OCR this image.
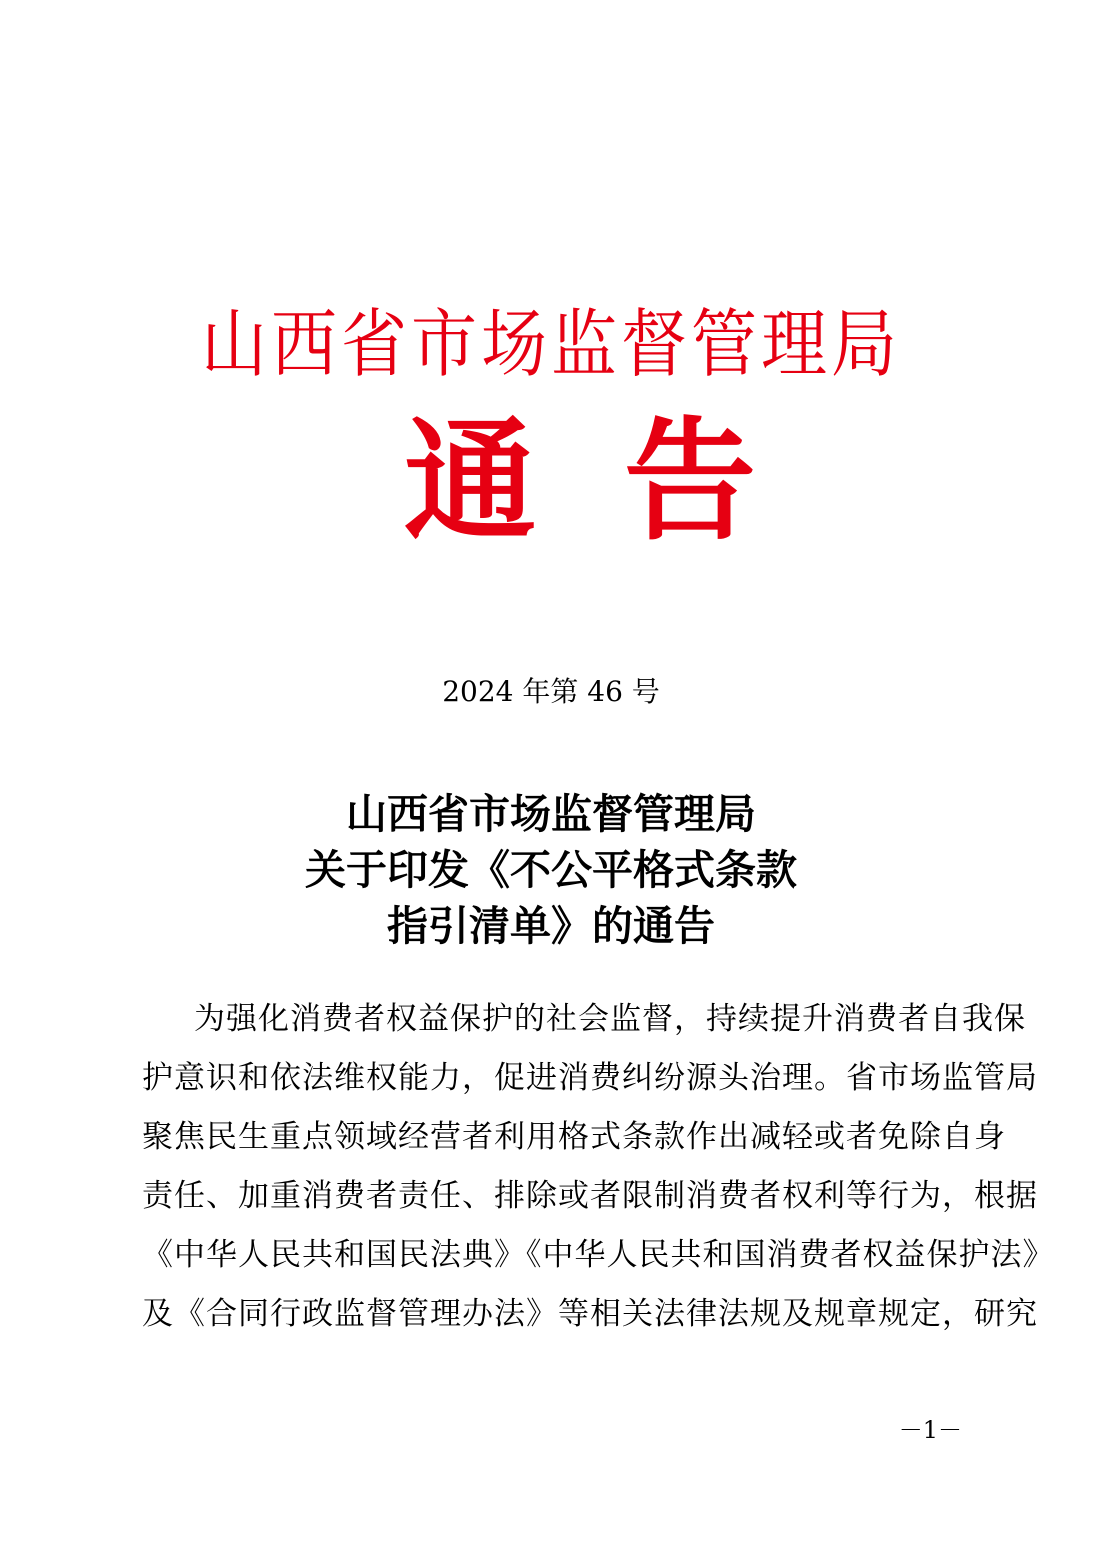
山西省市场监督管理局
通 告
2024 年第 46 号
山西省市场监督管理局
关于印发《不公平格式条款
指引清单》的通告
为强化消费者权益保护的社会监督，持续提升消费者自我保
护意识和依法维权能力，促进消费纠纷源头治理。省市场监管局
聚焦民生重点领域经营者利用格式条款作出减轻或者免除自身
责任、加重消费者责任、排除或者限制消费者权利等行为，根据
《中华人民共和国民法典》《中华人民共和国消费者权益保护法》
及《合同行政监督管理办法》等相关法律法规及规章规定，研究
－1－
